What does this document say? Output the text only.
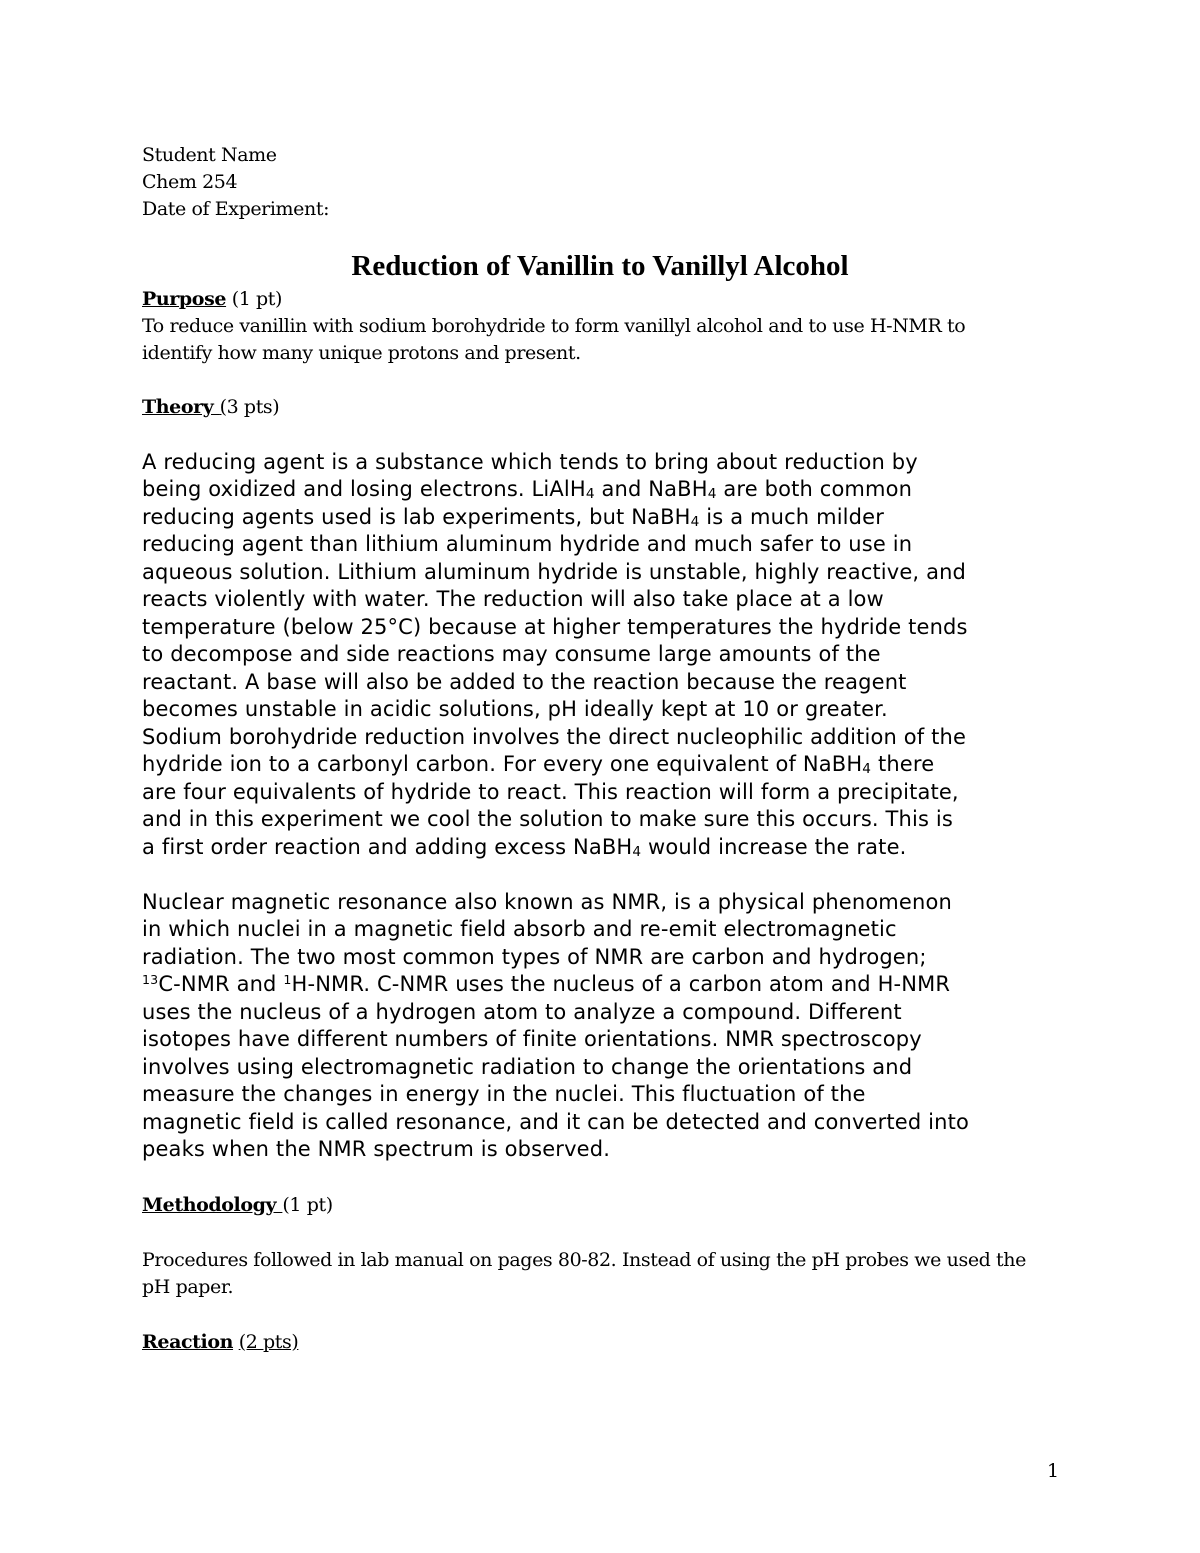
Student Name
Chem 254
Date of Experiment:
Reduction of Vanillin to Vanillyl Alcohol
Purpose (1 pt)
To reduce vanillin with sodium borohydride to form vanillyl alcohol and to use H-NMR to
identify how many unique protons and present.
Theory (3 pts)
A reducing agent is a substance which tends to bring about reduction by
being oxidized and losing electrons. LiAlH$_4$ and NaBH$_4$ are both common
reducing agents used is lab experiments, but NaBH$_4$ is a much milder
reducing agent than lithium aluminum hydride and much safer to use in
aqueous solution. Lithium aluminum hydride is unstable, highly reactive, and
reacts violently with water. The reduction will also take place at a low
temperature (below 25°C) because at higher temperatures the hydride tends
to decompose and side reactions may consume large amounts of the
reactant. A base will also be added to the reaction because the reagent
becomes unstable in acidic solutions, pH ideally kept at 10 or greater.
Sodium borohydride reduction involves the direct nucleophilic addition of the
hydride ion to a carbonyl carbon. For every one equivalent of NaBH$_4$ there
are four equivalents of hydride to react. This reaction will form a precipitate,
and in this experiment we cool the solution to make sure this occurs. This is
a first order reaction and adding excess NaBH$_4$ would increase the rate.
Nuclear magnetic resonance also known as NMR, is a physical phenomenon
in which nuclei in a magnetic field absorb and re-emit electromagnetic
radiation. The two most common types of NMR are carbon and hydrogen;
$^{13}$C-NMR and $^1$H-NMR. C-NMR uses the nucleus of a carbon atom and H-NMR
uses the nucleus of a hydrogen atom to analyze a compound. Different
isotopes have different numbers of finite orientations. NMR spectroscopy
involves using electromagnetic radiation to change the orientations and
measure the changes in energy in the nuclei. This fluctuation of the
magnetic field is called resonance, and it can be detected and converted into
peaks when the NMR spectrum is observed.
Methodology (1 pt)
Procedures followed in lab manual on pages 80-82. Instead of using the pH probes we used the
pH paper.
Reaction (2 pts)
1
